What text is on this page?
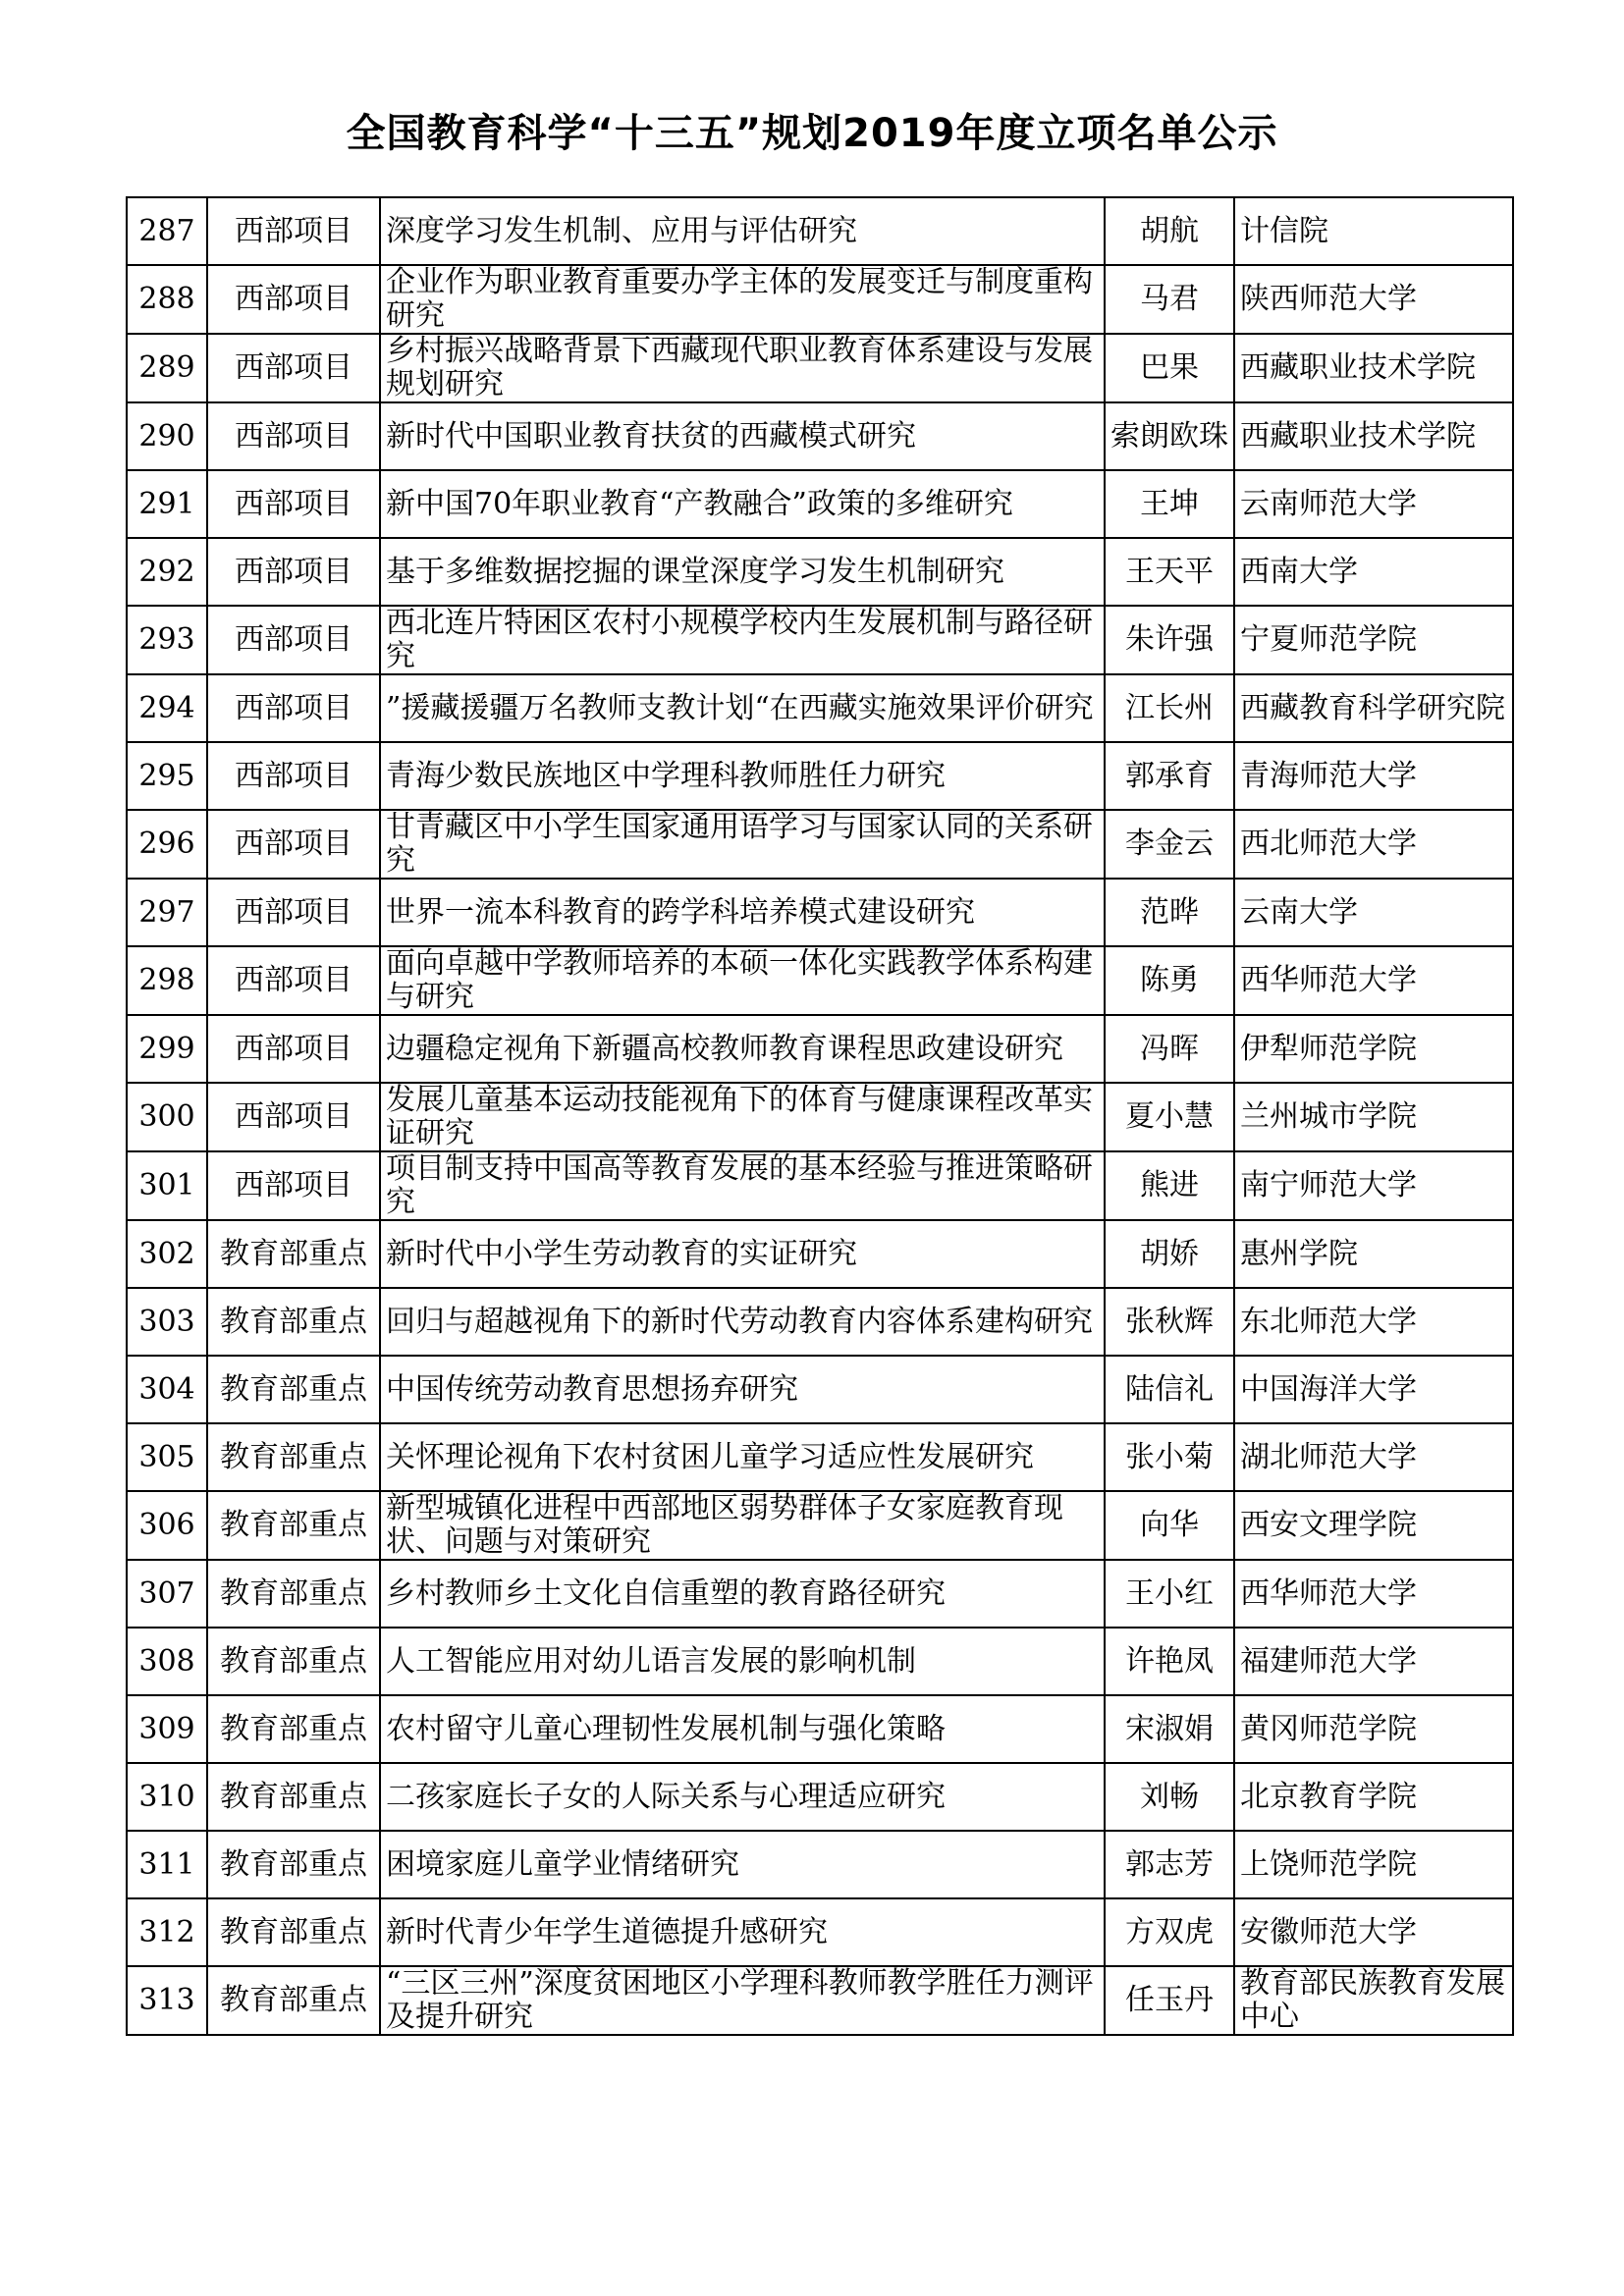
全国教育科学“十三五”规划2019年度立项名单公示
287	西部项目	深度学习发生机制、应用与评估研究	胡航	计信院
288	西部项目	企业作为职业教育重要办学主体的发展变迁与制度重构研究	马君	陕西师范大学
289	西部项目	乡村振兴战略背景下西藏现代职业教育体系建设与发展规划研究	巴果	西藏职业技术学院
290	西部项目	新时代中国职业教育扶贫的西藏模式研究	索朗欧珠	西藏职业技术学院
291	西部项目	新中国70年职业教育“产教融合”政策的多维研究	王坤	云南师范大学
292	西部项目	基于多维数据挖掘的课堂深度学习发生机制研究	王天平	西南大学
293	西部项目	西北连片特困区农村小规模学校内生发展机制与路径研究	朱许强	宁夏师范学院
294	西部项目	”援藏援疆万名教师支教计划“在西藏实施效果评价研究	江长州	西藏教育科学研究院
295	西部项目	青海少数民族地区中学理科教师胜任力研究	郭承育	青海师范大学
296	西部项目	甘青藏区中小学生国家通用语学习与国家认同的关系研究	李金云	西北师范大学
297	西部项目	世界一流本科教育的跨学科培养模式建设研究	范晔	云南大学
298	西部项目	面向卓越中学教师培养的本硕一体化实践教学体系构建与研究	陈勇	西华师范大学
299	西部项目	边疆稳定视角下新疆高校教师教育课程思政建设研究	冯晖	伊犁师范学院
300	西部项目	发展儿童基本运动技能视角下的体育与健康课程改革实证研究	夏小慧	兰州城市学院
301	西部项目	项目制支持中国高等教育发展的基本经验与推进策略研究	熊进	南宁师范大学
302	教育部重点	新时代中小学生劳动教育的实证研究	胡娇	惠州学院
303	教育部重点	回归与超越视角下的新时代劳动教育内容体系建构研究	张秋辉	东北师范大学
304	教育部重点	中国传统劳动教育思想扬弃研究	陆信礼	中国海洋大学
305	教育部重点	关怀理论视角下农村贫困儿童学习适应性发展研究	张小菊	湖北师范大学
306	教育部重点	新型城镇化进程中西部地区弱势群体子女家庭教育现状、问题与对策研究	向华	西安文理学院
307	教育部重点	乡村教师乡土文化自信重塑的教育路径研究	王小红	西华师范大学
308	教育部重点	人工智能应用对幼儿语言发展的影响机制	许艳凤	福建师范大学
309	教育部重点	农村留守儿童心理韧性发展机制与强化策略	宋淑娟	黄冈师范学院
310	教育部重点	二孩家庭长子女的人际关系与心理适应研究	刘畅	北京教育学院
311	教育部重点	困境家庭儿童学业情绪研究	郭志芳	上饶师范学院
312	教育部重点	新时代青少年学生道德提升感研究	方双虎	安徽师范大学
313	教育部重点	“三区三州”深度贫困地区小学理科教师教学胜任力测评及提升研究	任玉丹	教育部民族教育发展中心
